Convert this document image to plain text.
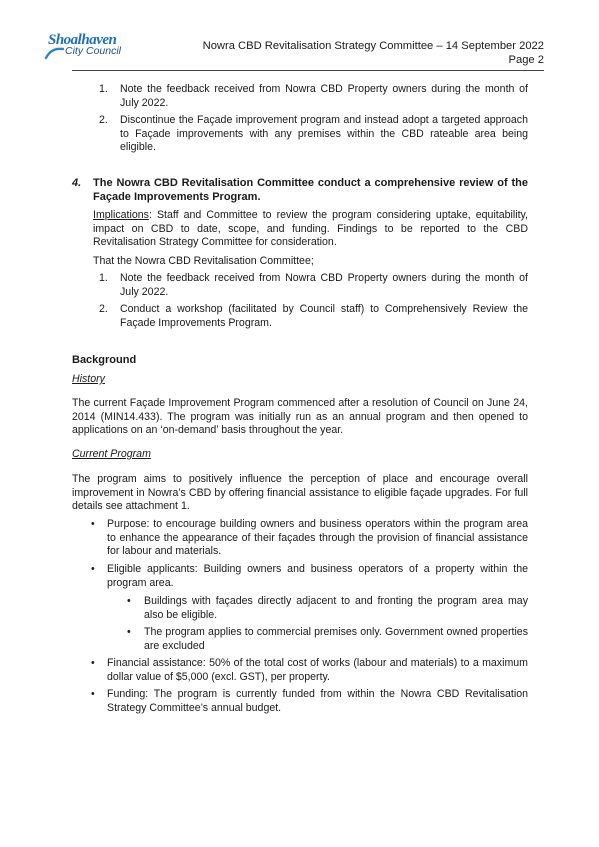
Shoalhaven
City Council	Nowra CBD Revitalisation Strategy Committee – 14 September 2022
Page 2
1. Note the feedback received from Nowra CBD Property owners during the month of July 2022.
2. Discontinue the Façade improvement program and instead adopt a targeted approach to Façade improvements with any premises within the CBD rateable area being eligible.
4. The Nowra CBD Revitalisation Committee conduct a comprehensive review of the Façade Improvements Program.
Implications: Staff and Committee to review the program considering uptake, equitability, impact on CBD to date, scope, and funding. Findings to be reported to the CBD Revitalisation Strategy Committee for consideration.
That the Nowra CBD Revitalisation Committee;
1. Note the feedback received from Nowra CBD Property owners during the month of July 2022.
2. Conduct a workshop (facilitated by Council staff) to Comprehensively Review the Façade Improvements Program.
Background
History
The current Façade Improvement Program commenced after a resolution of Council on June 24, 2014 (MIN14.433). The program was initially run as an annual program and then opened to applications on an ‘on-demand’ basis throughout the year.
Current Program
The program aims to positively influence the perception of place and encourage overall improvement in Nowra’s CBD by offering financial assistance to eligible façade upgrades. For full details see attachment 1.
• Purpose: to encourage building owners and business operators within the program area to enhance the appearance of their façades through the provision of financial assistance for labour and materials.
• Eligible applicants: Building owners and business operators of a property within the program area.
• Buildings with façades directly adjacent to and fronting the program area may also be eligible.
• The program applies to commercial premises only. Government owned properties are excluded
• Financial assistance: 50% of the total cost of works (labour and materials) to a maximum dollar value of $5,000 (excl. GST), per property.
• Funding: The program is currently funded from within the Nowra CBD Revitalisation Strategy Committee’s annual budget.
